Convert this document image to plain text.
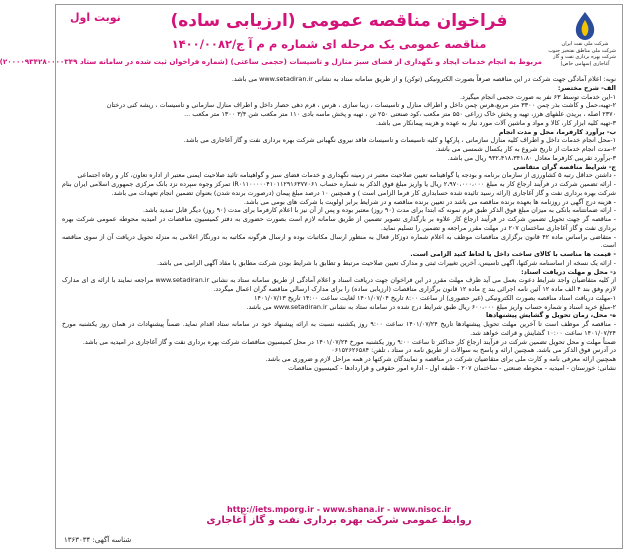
شرکت ملی نفت ایران
شرکت ملی مناطق نفتخیز جنوب
شرکت بهره برداری نفت و گاز
آغاجاری (سهامی خاص)
نوبت اول	فراخوان مناقصه عمومی (ارزیابی ساده)
مناقصه عمومی یک مرحله ای شماره م م آ ج/۱۴۰۰/۰۰۸۲
مربوط به انجام خدمات ایجاد و نگهداری از فضای سبز منازل و تاسیسات (حجمی ساعتی) (شماره فراخوان ثبت شده در سامانه ستاد ۲۰۰۰۰۹۳۴۲۸۰۰۰۰۳۴۹

نوبه: اعلام آمادگی جهت شرکت در این مناقصه صرفاً بصورت الکترونیکی (توکن) و از طریق سامانه ستاد به نشانی www.setadiran.ir می باشد.

الف- شرح مختصر:

۱-این خدمات توسط ۶۳ نفر به صورت حجمی انجام میگیرد.

۲-تهیه،حمل و کاشت بذر چمن ۳۳۰۰ متر مربع،هرس چمن داخل و اطراف منازل و تاسیسات ، زیبا سازی ، هرس ، فرم دهی حصار داخل و اطراف منازل سازمانی و تاسیسات ، ریشه کنی درختان

۲۳۷۰ اصله ، بریدن علفهای هرز، تهیه و پخش خاک زراعی ۵۵۰ متر مکعب ،کود صنعتی ۲۵۰ تن ، تهیه و پخش ماسه بادی ۱۱۰ متر مکعب شن ۳/۴ ۱۳۰۰ متر مکعب ...

۳-تهیه کلیه ابزار کار، کالا و مواد و ماشین آلات مورد نیاز به عهده و هزینه پیمانکار می باشد.

ب- برآورد کارفرما، محل و مدت انجام

۱-محل انجام خدمات داخل و اطراف کلیه منازل سازمانی ، پارکها و کلیه تاسیسات و تاسیسات فاقد نیروی نگهبانی شرکت بهره برداری نفت و گاز آغاجاری می باشد.

۲-مدت انجام خدمات از تاریخ شروع به کار یکسال شمسی می باشد.

۳-برآورد تقریبی کارفرما معادل ۹۳۲،۴۱۸،۳۴۱،۸۰ ریال می باشد.

ج- شرایط مناقصه گران متقاضی

- داشتن حداقل رتبه ۵ کشاورزی از سازمان برنامه و بودجه یا گواهینامه تعیین صلاحیت معتبر در زمینه نگهداری و خدمات فضای سبز و گواهینامه تائید صلاحیت ایمنی معتبر از اداره تعاون، کار و رفاه اجتماعی

- ارائه تضمین شرکت در فرآیند ارجاع کار به مبلغ ۲،۹۷۰،۰۰۰،۰۰۰ ریال یا واریز مبلغ فوق الذکر به شماره حساب IR۰۱۱۰۰۰۰۰۴۱۰۱۱۲۹۱۶۳۷۷۰۶۱ تمرکز وجوه سپرده نزد بانک مرکزی جمهوری اسلامی ایران بنام شرکت بهره برداری نفت و گاز آغاجاری (ارائه رسید تائیده شده حسابداری کار فرما الزامی است ) و همچنین ۱۰ درصد مبلغ پیمان (درصورت برنده شدن) بعنوان تضمین انجام تعهدات می باشد.

- هزینه درج آگهی در روزنامه ها بعهده برنده مناقصه می باشد در تعیین برنده مناقصه و در شرایط برابر اولویت با شرکت های بومی می باشد.

- ارائه ضمانتنامه بانکی به میزان مبلغ فوق الذکر طبق فرم نمونه که ابتدا برای مدت (۹۰ روز) معتبر بوده و پس از آن نیز با اعلام کارفرما برای مدت (۹۰ روز) دیگر قابل تمدید باشد.

- مناقصه گر جهت تحویل تضمین شرکت در فرآیند ارجاع کار علاوه بر بارگذاری تصویر تضمین از طریق سامانه لازم است بصورت حضوری به دفتر کمیسیون مناقصات در امیدیه محوطه عمومی شرکت بهره برداری نفت و گاز آغاجاری ساختمان ۲۰۷ در مهلت مقرر مراجعه و تضمین را تسلیم نماید.

- متقاضی براساس ماده ۴۲ قانون برگزاری مناقصات موظف به اعلام شماره دوزکار فعال به منظور ارسال مکاتبات بوده و ارسال هرگونه مکاتبه به دورنگار اعلامی به منزله تحویل دریافت آن از سوی مناقصه است.

- قیمت ها مناسب با کالای ساخت داخل یا لحاظ کنید الزامی است.

- ارائه یک نسخه از اساسنامه شرکتها، آگهی تاسیس، آخرین تغییرات ثبتی و مدارک تعیین صلاحیت مرتبط و تطابق با شرایط بودن شرکت مطابق با مقاد آگهی الزامی می باشد.

د- محل و مهلت دریافت اسناد:

از کلیه متقاضیان واجد شرایط دعوت بعمل می آید ظرف مهلت مقرر در این فراخوان جهت دریافت اسناد و اعلام آمادگی از طریق سامانه ستاد به نشانی www.setadiran.ir مراجعه نمایند با ارائه ی ای مدارک لازم وفق بند ۴ الف ماده ۱۲ آئین نامه اجرائی بند ج ماده ۱۲ قانون برگزاری مناقصات (ارزیابی ساده) را برای مدارک ارسالی مناقصه گران اعمال میگردد.

۱-مهلت دریافت اسناد مناقصه بصورت الکترونیکی (غیر حضوری) از ساعت ۸:۰۰ تاریخ ۱۴۰۱/۰۷/۰۴ لغایت ساعت ۱۴:۰۰ تاریخ ۱۴۰۱/۰۷/۱۳

۲-مبلغ خرید اسناد و شماره حساب واریز مبلغ ۶۰۰،۰۰۰ ریال طبق شرایط درج شده در سامانه ستاد به نشانی www.setadiran.ir می باشد.

ه- محل، زمان تحویل و گشایش پیشنهادها

- مناقصه گر موظف است تا آخرین مهلت تحویل پیشنهادها تاریخ ۱۴۰۱/۰۷/۲۴ ساعت ۹:۰۰ روز یکشنبه نسبت به ارائه پیشنهاد خود در سامانه ستاد اقدام نماید. ضمناً پیشنهادات در همان روز یکشنبه مورخ ۱۴۰۱/۰۷/۲۴ ساعت ۱۰:۰۰ گشایش و قرائت خواهد شد.

ضمناً مهلت و محل تحویل تضمین شرکت در فرآیند ارجاع کار حداکثر تا ساعت ۹:۰۰ روز یکشنبه مورخ ۱۴۰۱/۰۷/۲۴ در محل کمیسیون مناقصات شرکت بهره برداری نفت و گاز آغاجاری در امیدیه می باشد.

در آدرس فوق الذکر می باشد. همچنین ارائه و پاسخ به سوالات از طریق نامه در ستاد ، تلفن: ۰۶۱۵۲۶۲۶۵۸۴

همچنین ارائه معرفی نامه و کارت ملی برای متقاضیان شرکت در مناقصه و نمایندگان شرکتها در همه مراحل لازم و ضروری می باشد.

نشانی: خوزستان - امیدیه - محوطه صنعتی - ساختمان ۲۰۷ - طبقه اول - اداره امور حقوقی و قراردادها - کمیسیون مناقصات

http://iets.mporg.ir - www.shana.ir - www.nisoc.ir
روابط عمومی شرکت بهره برداری نفت و گاز آغاجاری
شناسه آگهی: ۱۳۶۳۰۳۴
